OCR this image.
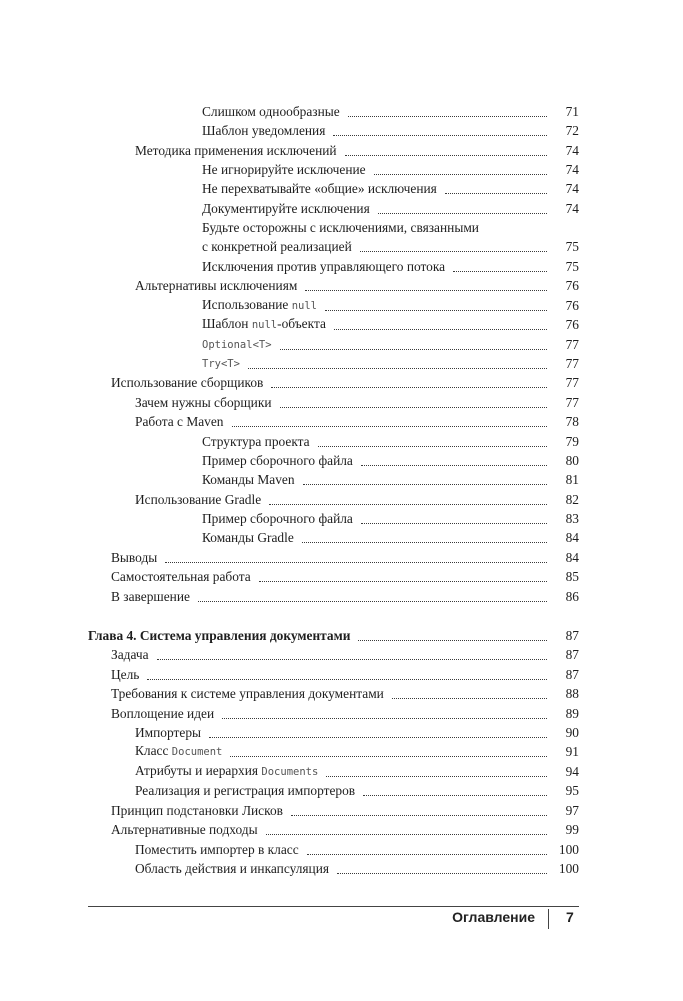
Слишком однообразные	71
Шаблон уведомления	72
Методика применения исключений	74
Не игнорируйте исключение	74
Не перехватывайте «общие» исключения	74
Документируйте исключения	74
Будьте осторожны с исключениями, связанными
с конкретной реализацией	75
Исключения против управляющего потока	75
Альтернативы исключениям	76
Использование null	76
Шаблон null-объекта	76
Optional<T>	77
Try<T>	77
Использование сборщиков	77
Зачем нужны сборщики	77
Работа с Maven	78
Структура проекта	79
Пример сборочного файла	80
Команды Maven	81
Использование Gradle	82
Пример сборочного файла	83
Команды Gradle	84
Выводы	84
Самостоятельная работа	85
В завершение	86
Глава 4. Система управления документами	87
Задача	87
Цель	87
Требования к системе управления документами	88
Воплощение идеи	89
Импортеры	90
Класс Document	91
Атрибуты и иерархия Documents	94
Реализация и регистрация импортеров	95
Принцип подстановки Лисков	97
Альтернативные подходы	99
Поместить импортер в класс	100
Область действия и инкапсуляция	100
Оглавление 7
